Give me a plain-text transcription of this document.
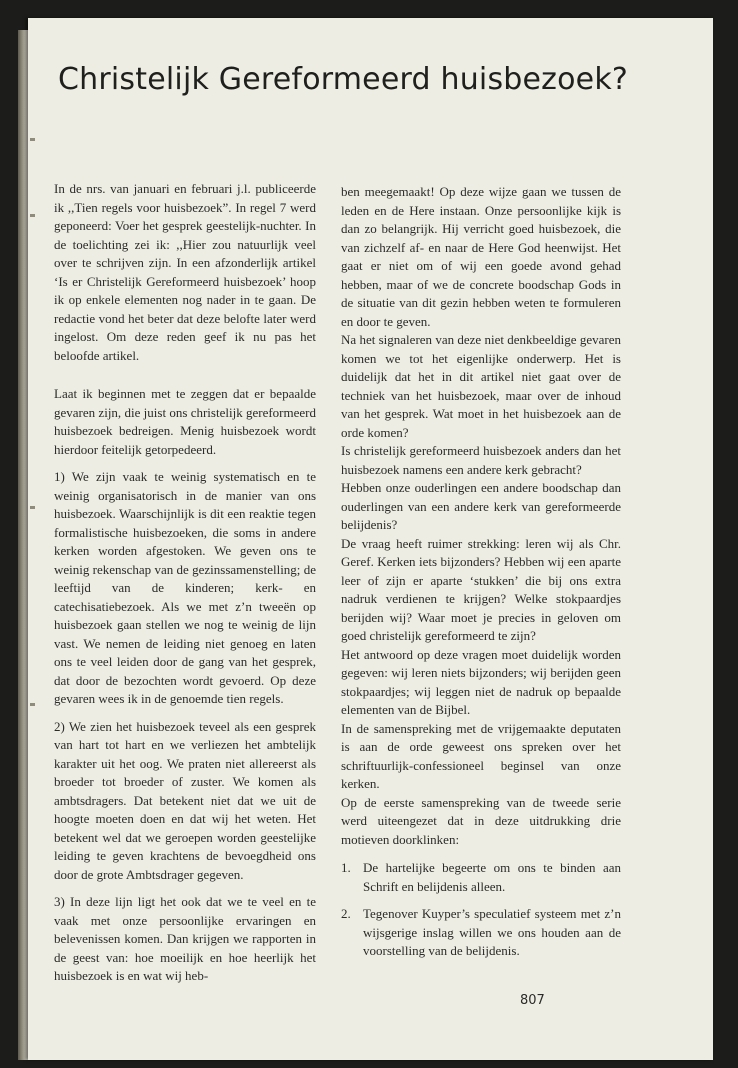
Christelijk Gereformeerd huisbezoek?

In de nrs. van januari en februari j.l. publiceerde ik ,,Tien regels voor huisbezoek”. In regel 7 werd geponeerd: Voer het gesprek geestelijk-nuchter. In de toelichting zei ik: ,,Hier zou natuurlijk veel over te schrijven zijn. In een afzonderlijk artikel ‘Is er Christelijk Gereformeerd huisbezoek’ hoop ik op enkele elementen nog nader in te gaan. De redactie vond het beter dat deze belofte later werd ingelost. Om deze reden geef ik nu pas het beloofde artikel.

Laat ik beginnen met te zeggen dat er bepaalde gevaren zijn, die juist ons christelijk gereformeerd huisbezoek bedreigen. Menig huisbezoek wordt hierdoor feitelijk getorpedeerd.

1) We zijn vaak te weinig systematisch en te weinig organisatorisch in de manier van ons huisbezoek. Waarschijnlijk is dit een reaktie tegen formalistische huisbezoeken, die soms in andere kerken worden afgestoken. We geven ons te weinig rekenschap van de gezinssamenstelling; de leeftijd van de kinderen; kerk- en catechisatiebezoek. Als we met z’n tweeën op huisbezoek gaan stellen we nog te weinig de lijn vast. We nemen de leiding niet genoeg en laten ons te veel leiden door de gang van het gesprek, dat door de bezochten wordt gevoerd. Op deze gevaren wees ik in de genoemde tien regels.

2) We zien het huisbezoek teveel als een gesprek van hart tot hart en we verliezen het ambtelijk karakter uit het oog. We praten niet allereerst als broeder tot broeder of zuster. We komen als ambtsdragers. Dat betekent niet dat we uit de hoogte moeten doen en dat wij het weten. Het betekent wel dat we geroepen worden geestelijke leiding te geven krachtens de bevoegdheid ons door de grote Ambtsdrager gegeven.

3) In deze lijn ligt het ook dat we te veel en te vaak met onze persoonlijke ervaringen en belevenissen komen. Dan krijgen we rapporten in de geest van: hoe moeilijk en hoe heerlijk het huisbezoek is en wat wij heb-

ben meegemaakt! Op deze wijze gaan we tussen de leden en de Here instaan. Onze persoonlijke kijk is dan zo belangrijk. Hij verricht goed huisbezoek, die van zichzelf af- en naar de Here God heenwijst. Het gaat er niet om of wij een goede avond gehad hebben, maar of we de concrete boodschap Gods in de situatie van dit gezin hebben weten te formuleren en door te geven.

Na het signaleren van deze niet denkbeeldige gevaren komen we tot het eigenlijke onderwerp. Het is duidelijk dat het in dit artikel niet gaat over de techniek van het huisbezoek, maar over de inhoud van het gesprek. Wat moet in het huisbezoek aan de orde komen?

Is christelijk gereformeerd huisbezoek anders dan het huisbezoek namens een andere kerk gebracht?

Hebben onze ouderlingen een andere boodschap dan ouderlingen van een andere kerk van gereformeerde belijdenis?

De vraag heeft ruimer strekking: leren wij als Chr. Geref. Kerken iets bijzonders? Hebben wij een aparte leer of zijn er aparte ‘stukken’ die bij ons extra nadruk verdienen te krijgen? Welke stokpaardjes berijden wij? Waar moet je precies in geloven om goed christelijk gereformeerd te zijn?

Het antwoord op deze vragen moet duidelijk worden gegeven: wij leren niets bijzonders; wij berijden geen stokpaardjes; wij leggen niet de nadruk op bepaalde elementen van de Bijbel.

In de samenspreking met de vrijgemaakte deputaten is aan de orde geweest ons spreken over het schriftuurlijk-confessioneel beginsel van onze kerken.

Op de eerste samenspreking van de tweede serie werd uiteengezet dat in deze uitdrukking drie motieven doorklinken:

1. De hartelijke begeerte om ons te binden aan Schrift en belijdenis alleen.
2. Tegenover Kuyper’s speculatief systeem met z’n wijsgerige inslag willen we ons houden aan de voorstelling van de belijdenis.
807
